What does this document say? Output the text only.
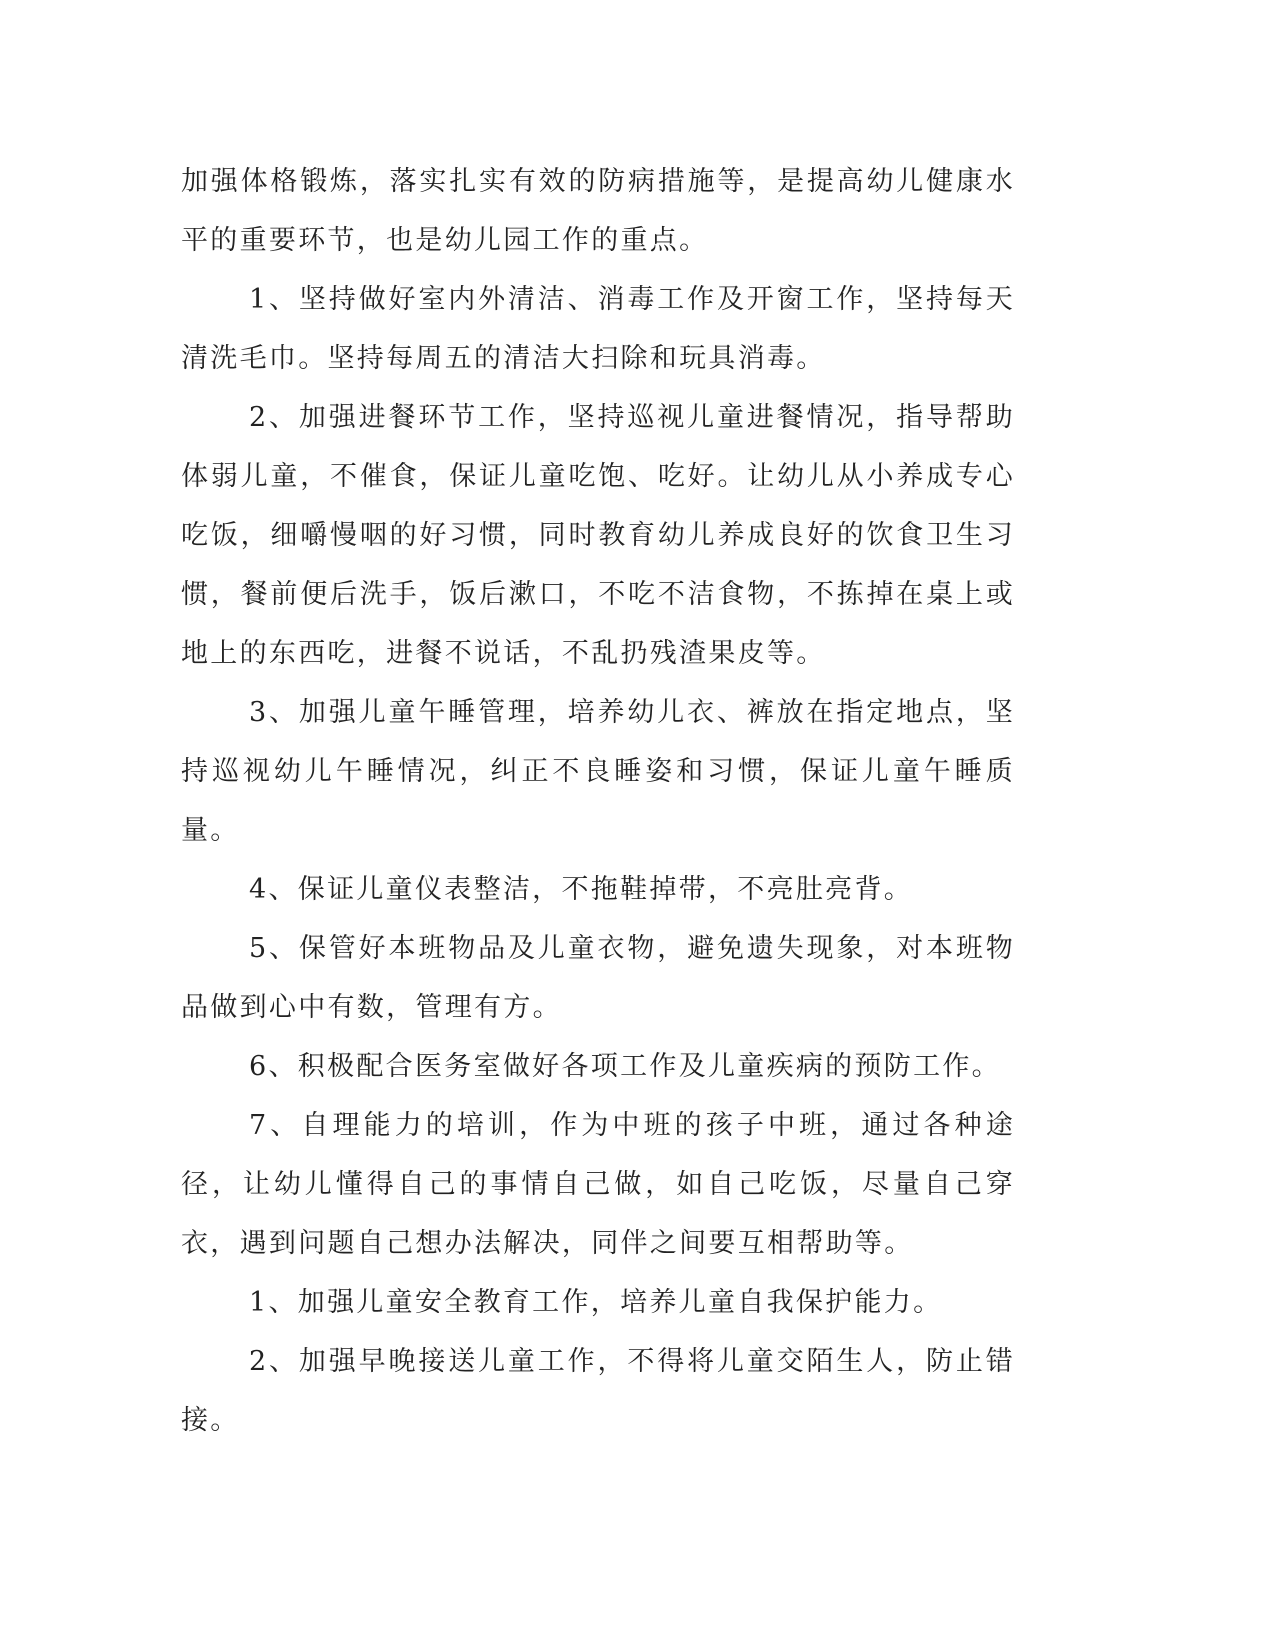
加强体格锻炼，落实扎实有效的防病措施等，是提高幼儿健康水平的重要环节，也是幼儿园工作的重点。

1、坚持做好室内外清洁、消毒工作及开窗工作，坚持每天清洗毛巾。坚持每周五的清洁大扫除和玩具消毒。

2、加强进餐环节工作，坚持巡视儿童进餐情况，指导帮助体弱儿童，不催食，保证儿童吃饱、吃好。让幼儿从小养成专心吃饭，细嚼慢咽的好习惯，同时教育幼儿养成良好的饮食卫生习惯，餐前便后洗手，饭后漱口，不吃不洁食物，不拣掉在桌上或地上的东西吃，进餐不说话，不乱扔残渣果皮等。

3、加强儿童午睡管理，培养幼儿衣、裤放在指定地点，坚持巡视幼儿午睡情况，纠正不良睡姿和习惯，保证儿童午睡质量。

4、保证儿童仪表整洁，不拖鞋掉带，不亮肚亮背。

5、保管好本班物品及儿童衣物，避免遗失现象，对本班物品做到心中有数，管理有方。

6、积极配合医务室做好各项工作及儿童疾病的预防工作。

7、自理能力的培训，作为中班的孩子中班，通过各种途径，让幼儿懂得自己的事情自己做，如自己吃饭，尽量自己穿衣，遇到问题自己想办法解决，同伴之间要互相帮助等。

1、加强儿童安全教育工作，培养儿童自我保护能力。

2、加强早晚接送儿童工作，不得将儿童交陌生人，防止错接。
